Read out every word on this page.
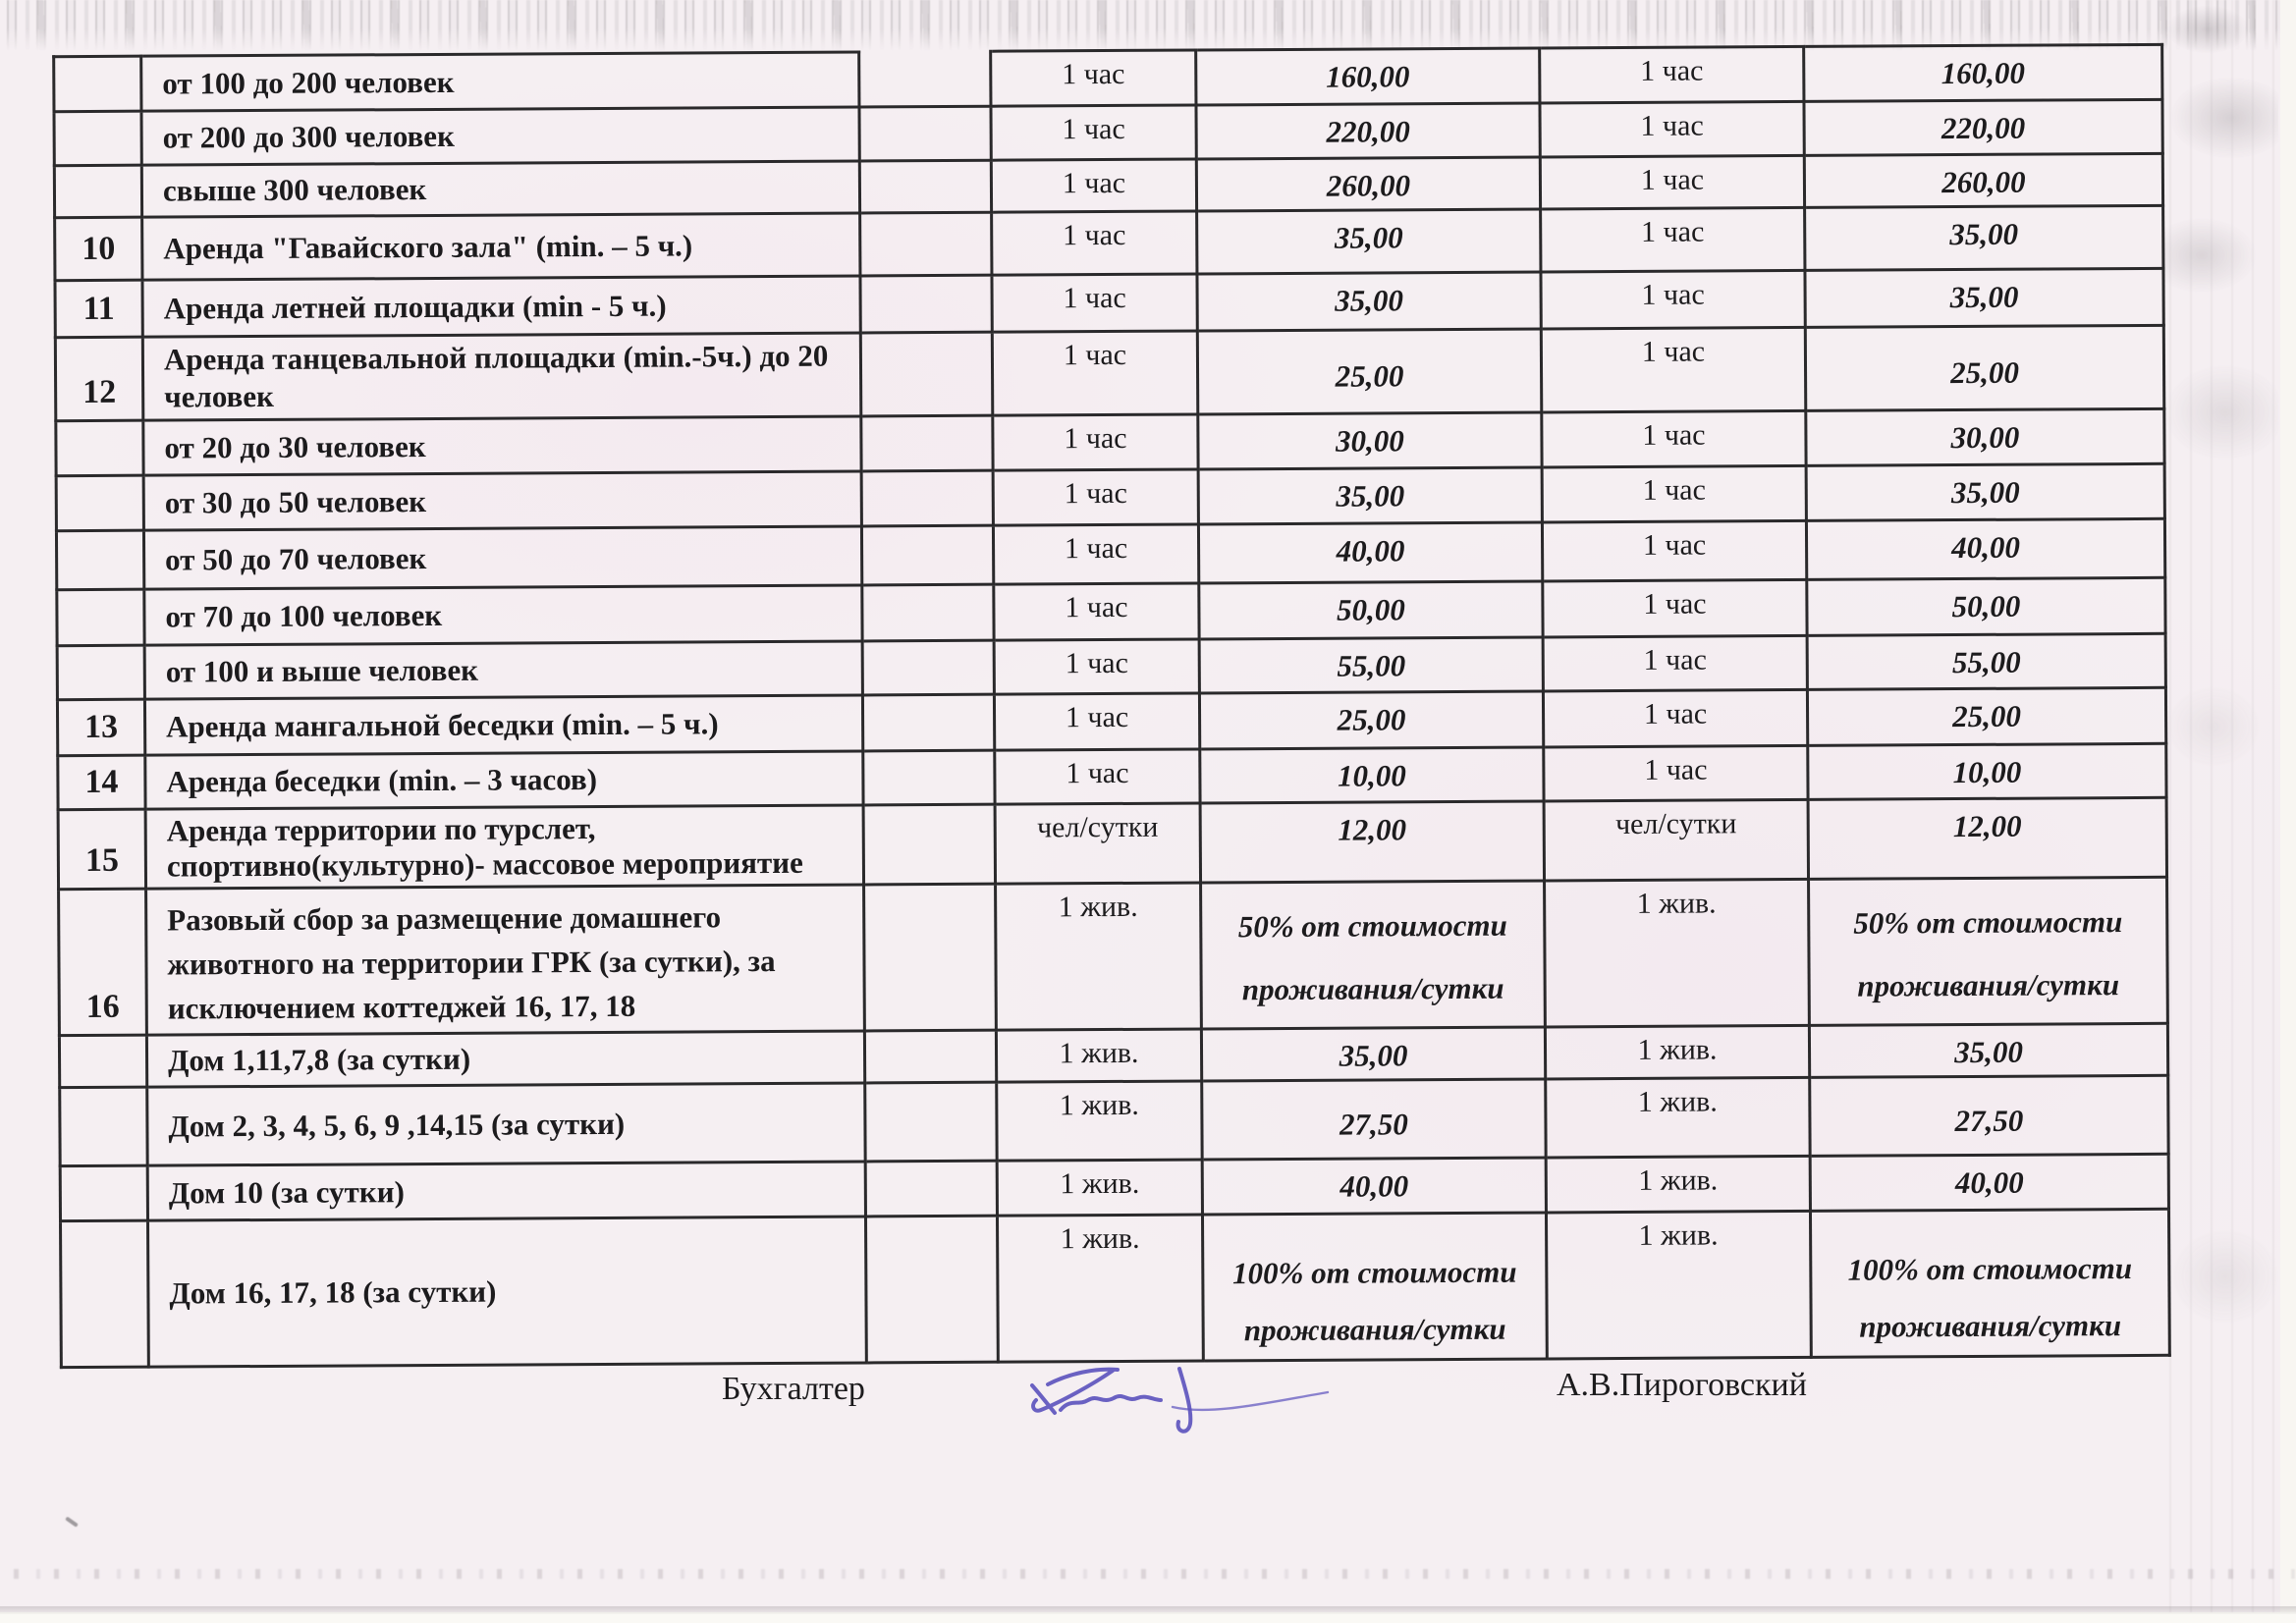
	от 100 до 200 человек		1 час	160,00	1 час	160,00
	от 200 до 300 человек		1 час	220,00	1 час	220,00
	свыше 300 человек		1 час	260,00	1 час	260,00
10	Аренда "Гавайского зала" (min. – 5 ч.)		1 час	35,00	1 час	35,00
11	Аренда летней площадки (min - 5 ч.)		1 час	35,00	1 час	35,00
12	Аренда танцевальной площадки (min.-5ч.) до 20 человек		1 час	25,00	1 час	25,00
	от 20 до 30 человек		1 час	30,00	1 час	30,00
	от 30 до 50 человек		1 час	35,00	1 час	35,00
	от 50 до 70 человек		1 час	40,00	1 час	40,00
	от 70 до 100 человек		1 час	50,00	1 час	50,00
	от 100 и выше человек		1 час	55,00	1 час	55,00
13	Аренда мангальной беседки (min. – 5 ч.)		1 час	25,00	1 час	25,00
14	Аренда беседки (min. – 3 часов)		1 час	10,00	1 час	10,00
15	Аренда территории по турслет, спортивно(культурно)- массовое мероприятие		чел/сутки	12,00	чел/сутки	12,00
16	Разовый сбор за размещение домашнего животного на территории ГРК (за сутки), за исключением коттеджей 16, 17, 18		1 жив.	50% от стоимости проживания/сутки	1 жив.	50% от стоимости проживания/сутки
	Дом 1,11,7,8 (за сутки)		1 жив.	35,00	1 жив.	35,00
	Дом 2, 3, 4, 5, 6, 9 ,14,15 (за сутки)		1 жив.	27,50	1 жив.	27,50
	Дом 10 (за сутки)		1 жив.	40,00	1 жив.	40,00
	Дом 16, 17, 18 (за сутки)		1 жив.	100% от стоимости проживания/сутки	1 жив.	100% от стоимости проживания/сутки
Бухгалтер	А.В.Пироговский
